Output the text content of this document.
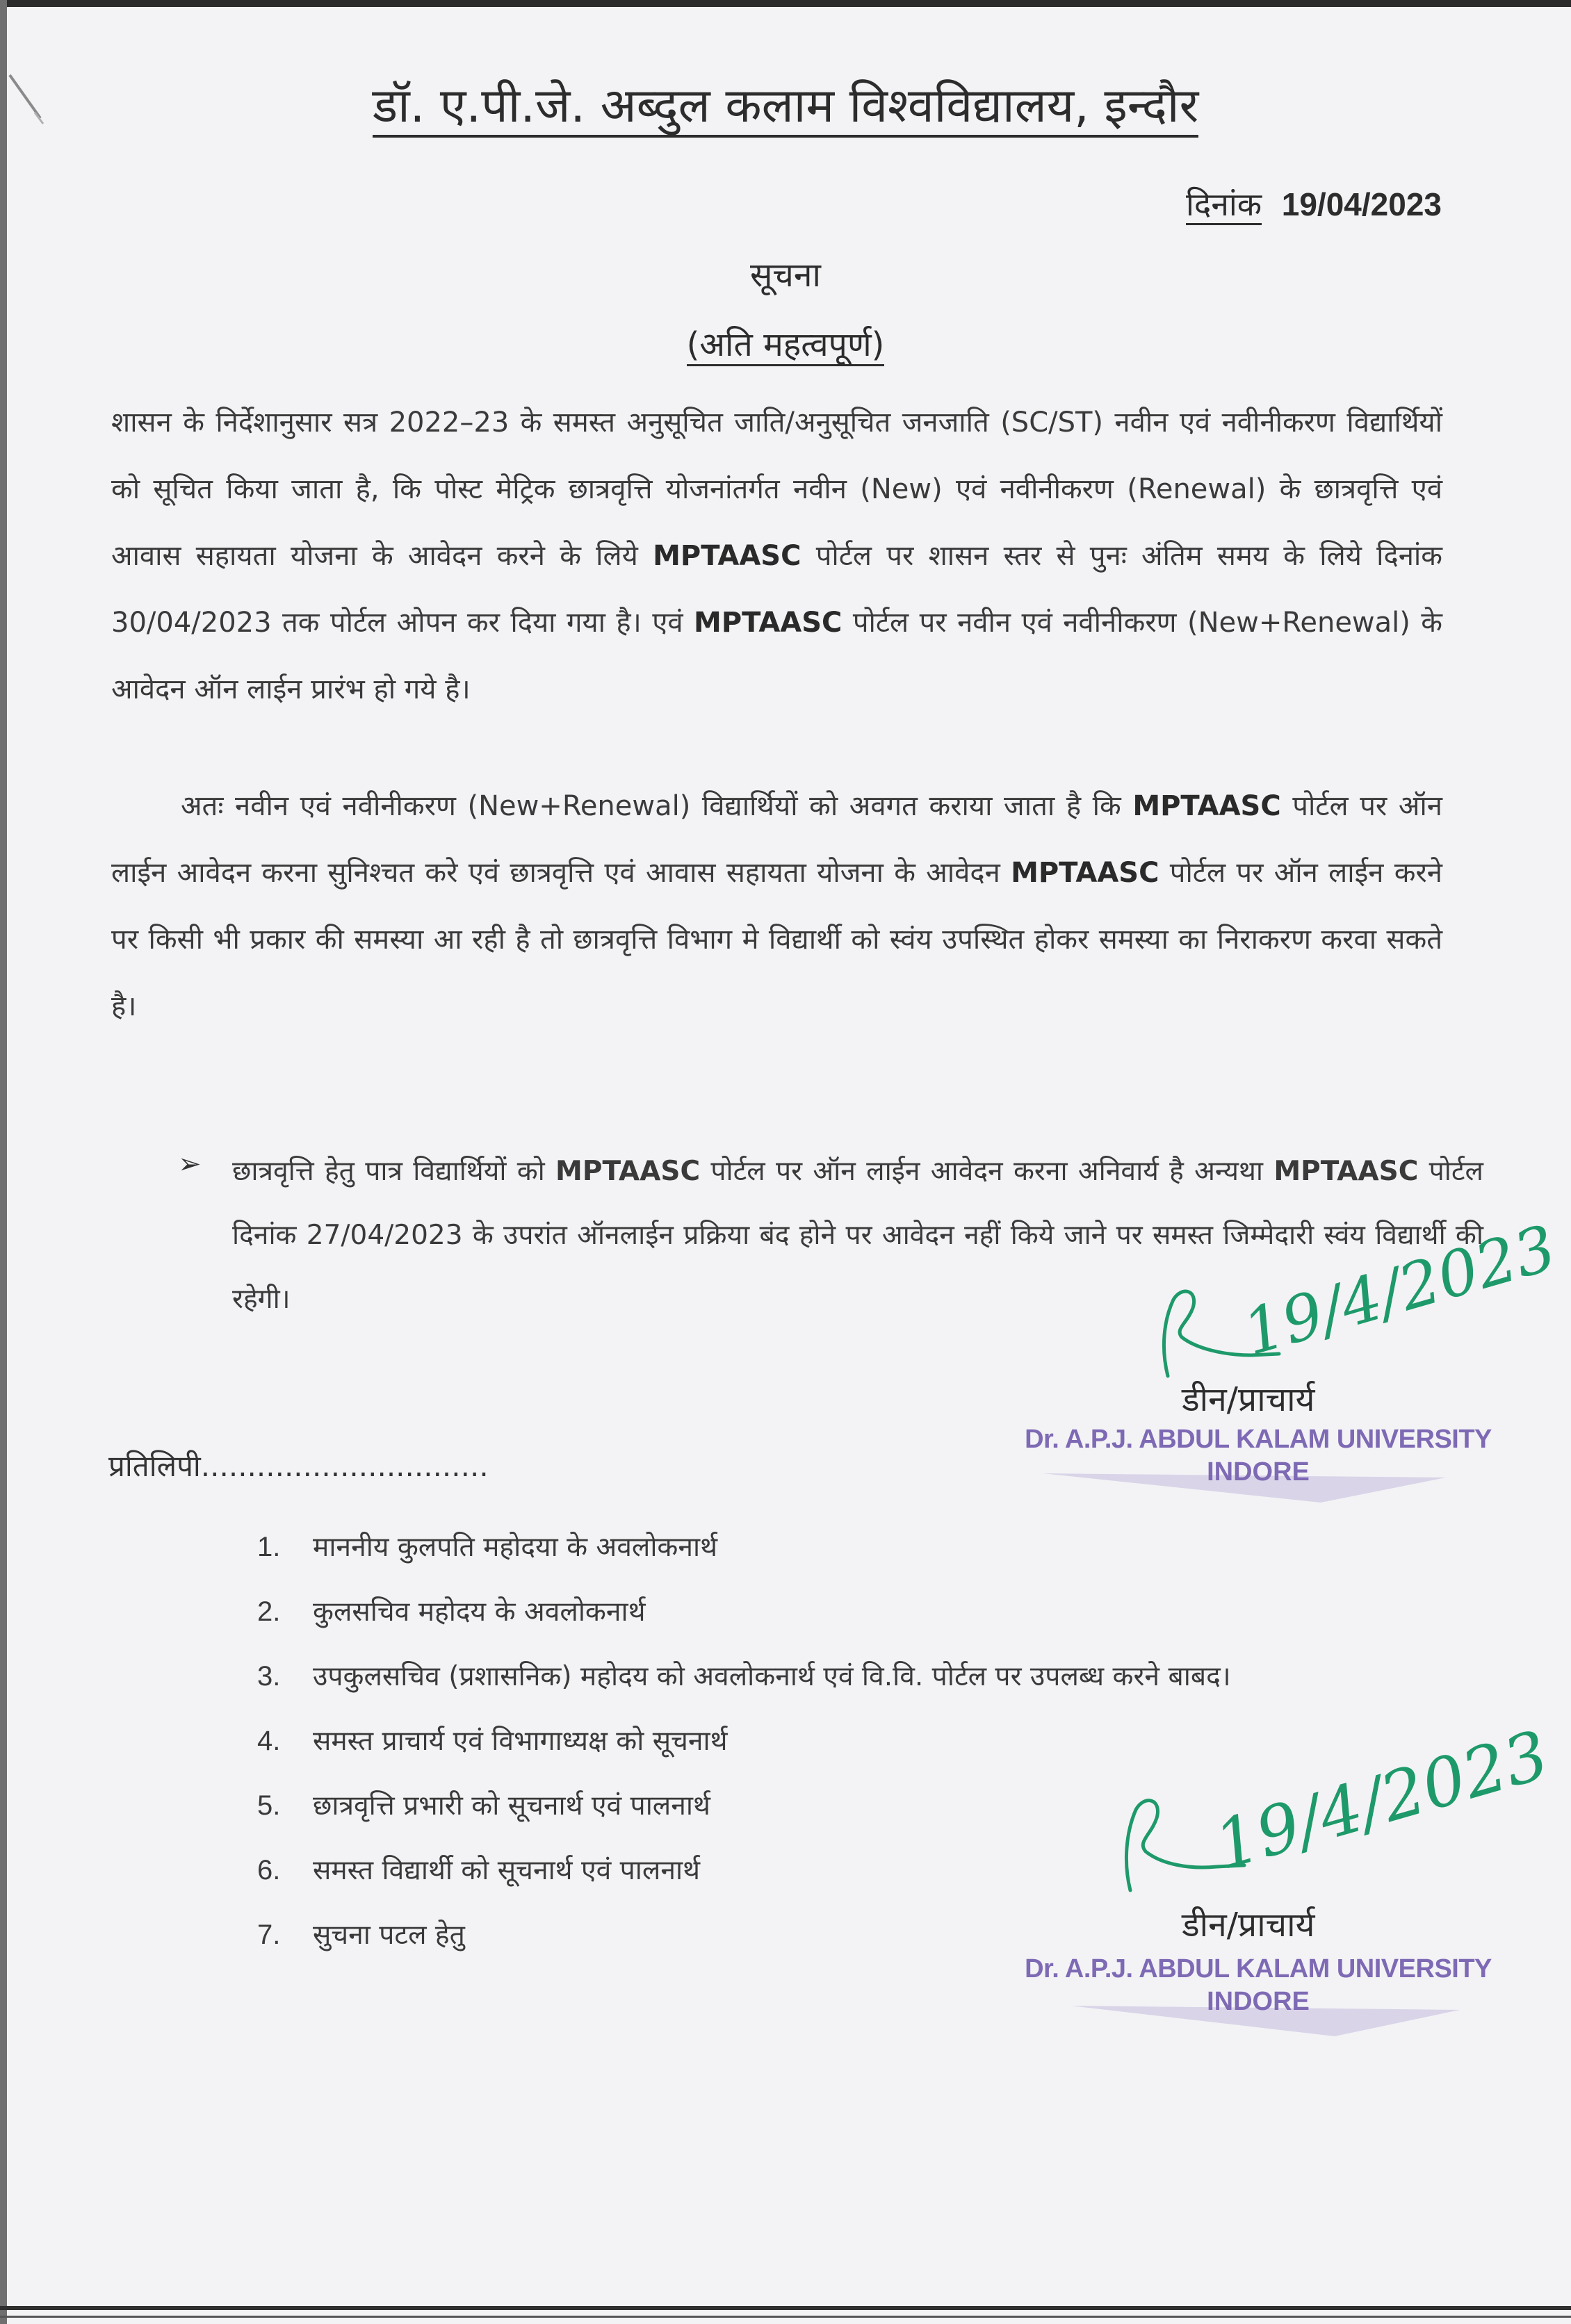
डॉ. ए.पी.जे. अब्दुल कलाम विश्वविद्यालय, इन्दौर
दिनांक 19/04/2023
सूचना
(अति महत्वपूर्ण)
शासन के निर्देशानुसार सत्र 2022–23 के समस्त अनुसूचित जाति/अनुसूचित जनजाति (SC/ST) नवीन एवं नवीनीकरण विद्यार्थियों को सूचित किया जाता है, कि पोस्ट मेट्रिक छात्रवृत्ति योजनांतर्गत नवीन (New) एवं नवीनीकरण (Renewal) के छात्रवृत्ति एवं आवास सहायता योजना के आवेदन करने के लिये MPTAASC पोर्टल पर शासन स्तर से पुनः अंतिम समय के लिये दिनांक 30/04/2023 तक पोर्टल ओपन कर दिया गया है। एवं MPTAASC पोर्टल पर नवीन एवं नवीनीकरण (New+Renewal) के आवेदन ऑन लाईन प्रारंभ हो गये है।
अतः नवीन एवं नवीनीकरण (New+Renewal) विद्यार्थियों को अवगत कराया जाता है कि MPTAASC पोर्टल पर ऑन लाईन आवेदन करना सुनिश्चत करे एवं छात्रवृत्ति एवं आवास सहायता योजना के आवेदन MPTAASC पोर्टल पर ऑन लाईन करने पर किसी भी प्रकार की समस्या आ रही है तो छात्रवृत्ति विभाग मे विद्यार्थी को स्वंय उपस्थित होकर समस्या का निराकरण करवा सकते है।
➢ छात्रवृत्ति हेतु पात्र विद्यार्थियों को MPTAASC पोर्टल पर ऑन लाईन आवेदन करना अनिवार्य है अन्यथा MPTAASC पोर्टल दिनांक 27/04/2023 के उपरांत ऑनलाईन प्रक्रिया बंद होने पर आवेदन नहीं किये जाने पर समस्त जिम्मेदारी स्वंय विद्यार्थी की रहेगी।	19/4/2023
डीन/प्राचार्य
Dr. A.P.J. ABDUL KALAM UNIVERSITY
INDORE
प्रतिलिपी...............................
1. माननीय कुलपति महोदया के अवलोकनार्थ
2. कुलसचिव महोदय के अवलोकनार्थ
3. उपकुलसचिव (प्रशासनिक) महोदय को अवलोकनार्थ एवं वि.वि. पोर्टल पर उपलब्ध करने बाबद।
4. समस्त प्राचार्य एवं विभागाध्यक्ष को सूचनार्थ
5. छात्रवृत्ति प्रभारी को सूचनार्थ एवं पालनार्थ
6. समस्त विद्यार्थी को सूचनार्थ एवं पालनार्थ
7. सुचना पटल हेतु
19/4/2023
डीन/प्राचार्य
Dr. A.P.J. ABDUL KALAM UNIVERSITY
INDORE
